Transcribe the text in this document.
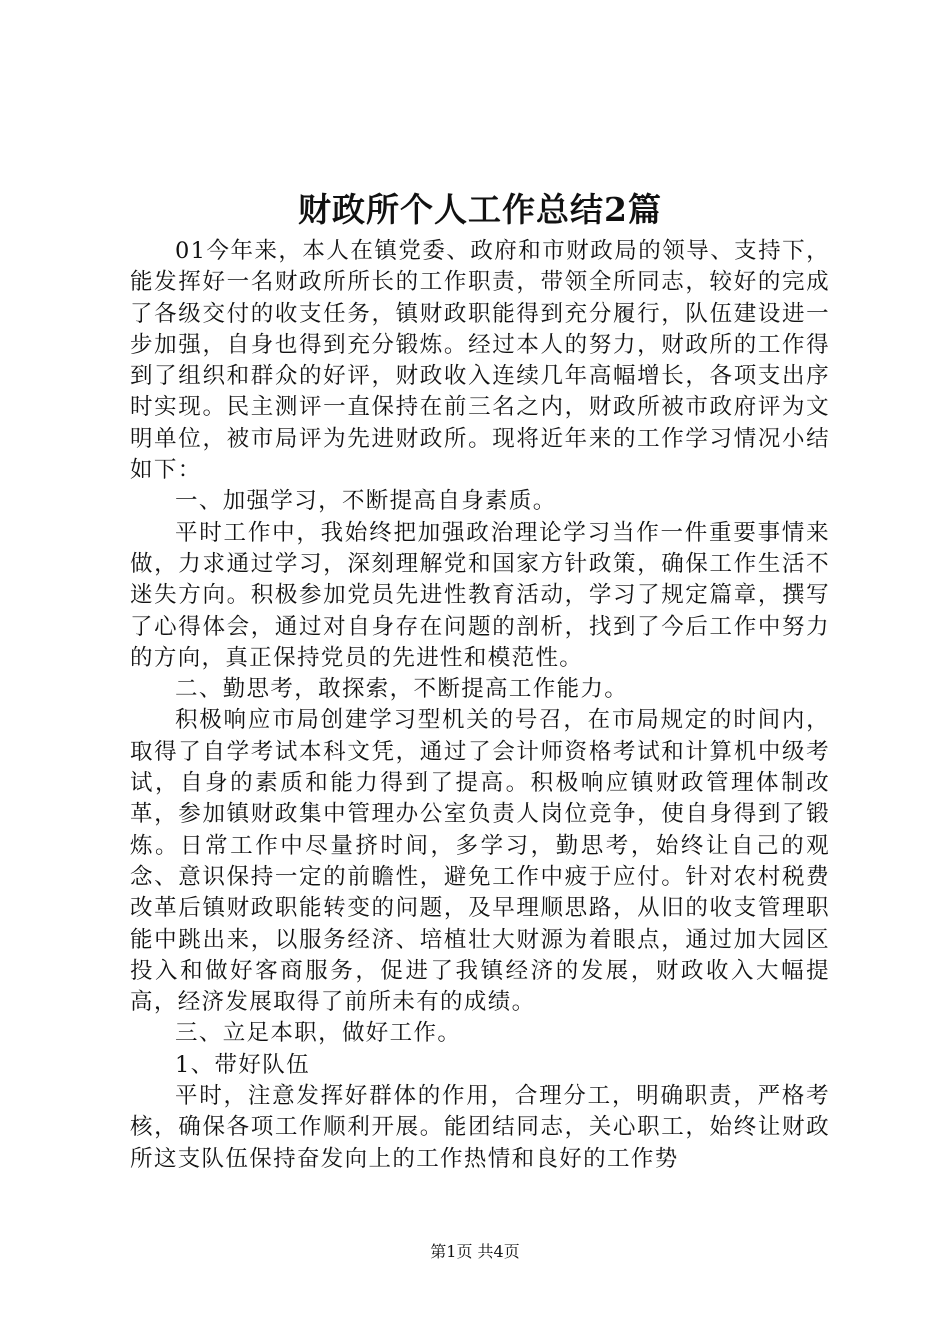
财政所个人工作总结2篇

01今年来，本人在镇党委、政府和市财政局的领导、支持下，能发挥好一名财政所所长的工作职责，带领全所同志，较好的完成了各级交付的收支任务，镇财政职能得到充分履行，队伍建设进一步加强，自身也得到充分锻炼。经过本人的努力，财政所的工作得到了组织和群众的好评，财政收入连续几年高幅增长，各项支出序时实现。民主测评一直保持在前三名之内，财政所被市政府评为文明单位，被市局评为先进财政所。现将近年来的工作学习情况小结如下：

一、加强学习，不断提高自身素质。

平时工作中，我始终把加强政治理论学习当作一件重要事情来做，力求通过学习，深刻理解党和国家方针政策，确保工作生活不迷失方向。积极参加党员先进性教育活动，学习了规定篇章，撰写了心得体会，通过对自身存在问题的剖析，找到了今后工作中努力的方向，真正保持党员的先进性和模范性。

二、勤思考，敢探索，不断提高工作能力。

积极响应市局创建学习型机关的号召，在市局规定的时间内，取得了自学考试本科文凭，通过了会计师资格考试和计算机中级考试，自身的素质和能力得到了提高。积极响应镇财政管理体制改革，参加镇财政集中管理办公室负责人岗位竞争，使自身得到了锻炼。日常工作中尽量挤时间，多学习，勤思考，始终让自己的观念、意识保持一定的前瞻性，避免工作中疲于应付。针对农村税费改革后镇财政职能转变的问题，及早理顺思路，从旧的收支管理职能中跳出来，以服务经济、培植壮大财源为着眼点，通过加大园区投入和做好客商服务，促进了我镇经济的发展，财政收入大幅提高，经济发展取得了前所未有的成绩。

三、立足本职，做好工作。

1、带好队伍

平时，注意发挥好群体的作用，合理分工，明确职责，严格考核，确保各项工作顺利开展。能团结同志，关心职工，始终让财政所这支队伍保持奋发向上的工作热情和良好的工作势

第1页 共4页
